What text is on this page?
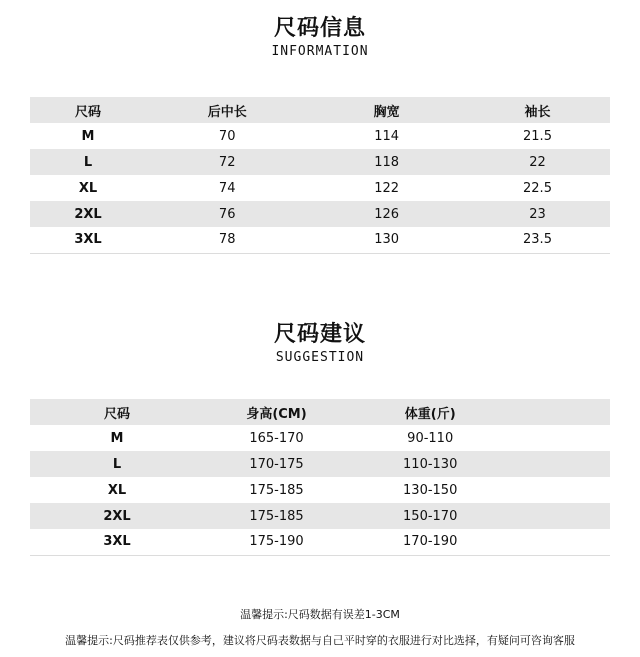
尺码信息
INFORMATION
尺码	后中长	胸宽	袖长
M	70	114	21.5
L	72	118	22
XL	74	122	22.5
2XL	76	126	23
3XL	78	130	23.5
尺码建议
SUGGESTION
尺码	身高(CM)	体重(斤)	
M	165-170	90-110	
L	170-175	110-130	
XL	175-185	130-150	
2XL	175-185	150-170	
3XL	175-190	170-190	
温馨提示:尺码数据有误差1-3CM
温馨提示:尺码推荐表仅供参考，建议将尺码表数据与自己平时穿的衣服进行对比选择，有疑问可咨询客服
